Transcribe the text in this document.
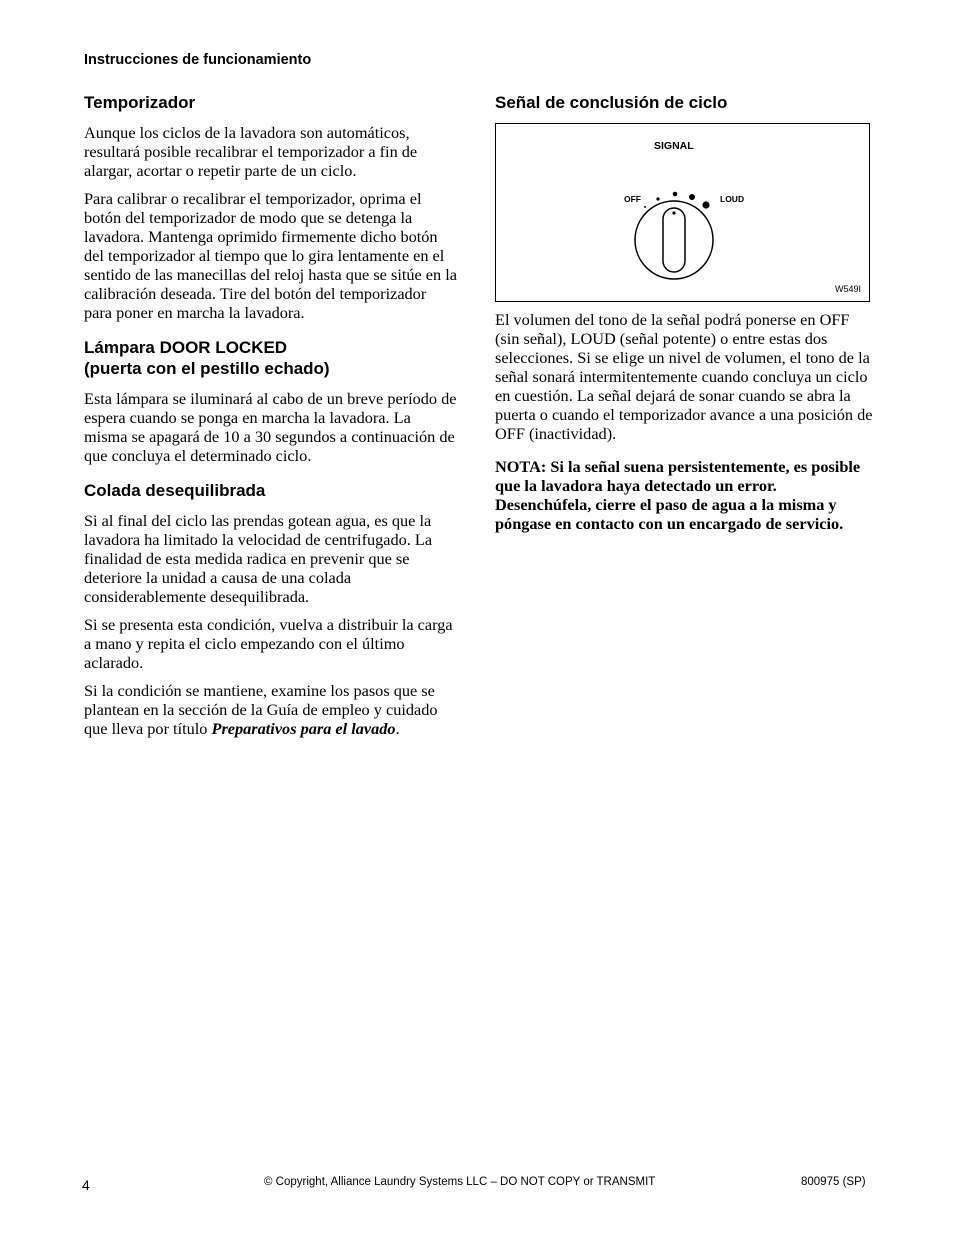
Instrucciones de funcionamiento
Temporizador

Aunque los ciclos de la lavadora son automáticos, resultará posible recalibrar el temporizador a fin de alargar, acortar o repetir parte de un ciclo.

Para calibrar o recalibrar el temporizador, oprima el botón del temporizador de modo que se detenga la lavadora. Mantenga oprimido firmemente dicho botón del temporizador al tiempo que lo gira lentamente en el sentido de las manecillas del reloj hasta que se sitúe en la calibración deseada. Tire del botón del temporizador para poner en marcha la lavadora.

Lámpara DOOR LOCKED
(puerta con el pestillo echado)

Esta lámpara se iluminará al cabo de un breve período de espera cuando se ponga en marcha la lavadora. La misma se apagará de 10 a 30 segundos a continuación de que concluya el determinado ciclo.

Colada desequilibrada

Si al final del ciclo las prendas gotean agua, es que la lavadora ha limitado la velocidad de centrifugado. La finalidad de esta medida radica en prevenir que se deteriore la unidad a causa de una colada considerablemente desequilibrada.

Si se presenta esta condición, vuelva a distribuir la carga a mano y repita el ciclo empezando con el último aclarado.

Si la condición se mantiene, examine los pasos que se plantean en la sección de la Guía de empleo y cuidado que lleva por título Preparativos para el lavado.

Señal de conclusión de ciclo
SIGNAL
OFF	LOUD
W549I

El volumen del tono de la señal podrá ponerse en OFF (sin señal), LOUD (señal potente) o entre estas dos selecciones. Si se elige un nivel de volumen, el tono de la señal sonará intermitentemente cuando concluya un ciclo en cuestión. La señal dejará de sonar cuando se abra la puerta o cuando el temporizador avance a una posición de OFF (inactividad).

NOTA: Si la señal suena persistentemente, es posible que la lavadora haya detectado un error. Desenchúfela, cierre el paso de agua a la misma y póngase en contacto con un encargado de servicio.

4	© Copyright, Alliance Laundry Systems LLC – DO NOT COPY or TRANSMIT	800975 (SP)
